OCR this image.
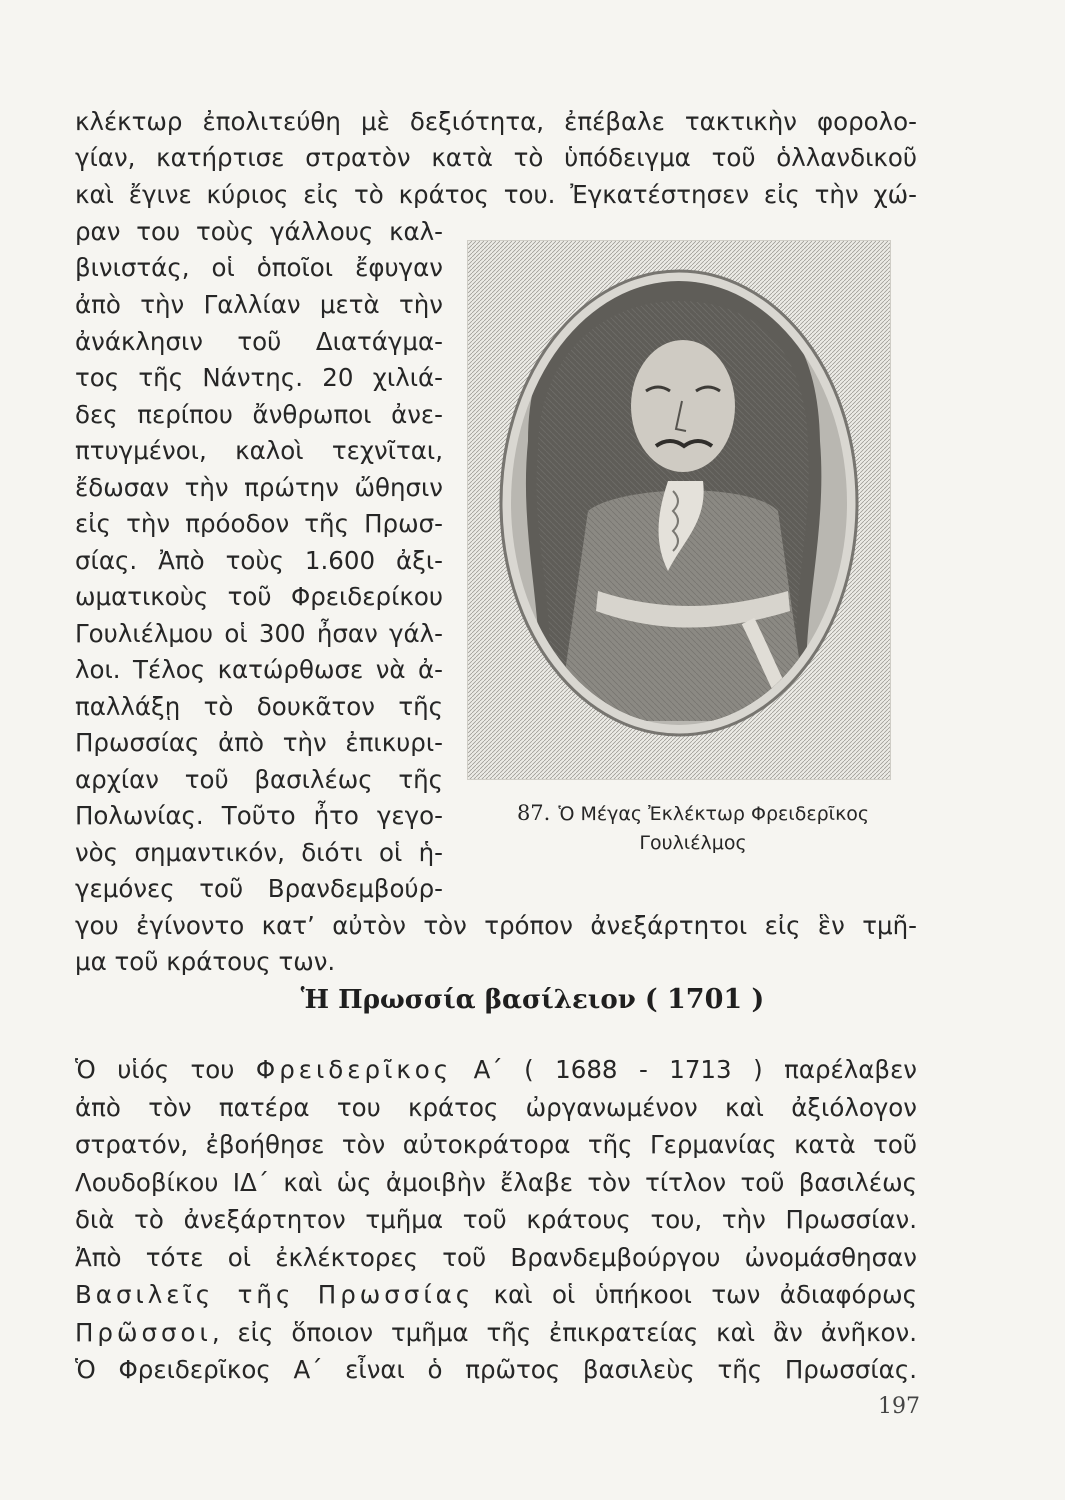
κλέκτωρ ἐπολιτεύθη μὲ δεξιότητα, ἐπέβαλε τακτικὴν φορολο-
γίαν, κατήρτισε στρατὸν κατὰ τὸ ὑπόδειγμα τοῦ ὁλλανδικοῦ
καὶ ἔγινε κύριος εἰς τὸ κράτος του. Ἐγκατέστησεν εἰς τὴν χώ-
ραν του τοὺς γάλλους καλ-
βινιστάς, οἱ ὁποῖοι ἔφυγαν
ἀπὸ τὴν Γαλλίαν μετὰ τὴν
ἀνάκλησιν τοῦ Διατάγμα-
τος τῆς Νάντης. 20 χιλιά-
δες περίπου ἄνθρωποι ἀνε-
πτυγμένοι, καλοὶ τεχνῖται,
ἔδωσαν τὴν πρώτην ὤθησιν
εἰς τὴν πρόοδον τῆς Πρωσ-
σίας. Ἀπὸ τοὺς 1.600 ἀξι-
ωματικοὺς τοῦ Φρειδερίκου
Γουλιέλμου οἱ 300 ἦσαν γάλ-
λοι. Τέλος κατώρθωσε νὰ ἀ-
παλλάξῃ τὸ δουκᾶτον τῆς
Πρωσσίας ἀπὸ τὴν ἐπικυρι-
αρχίαν τοῦ βασιλέως τῆς
Πολωνίας. Τοῦτο ἦτο γεγο-
νὸς σημαντικόν, διότι οἱ ἡ-
γεμόνες τοῦ Βρανδεμβούρ-
γου ἐγίνοντο κατ’ αὐτὸν τὸν τρόπον ἀνεξάρτητοι εἰς ἓν τμῆ-
μα τοῦ κράτους των.
87. Ὁ Μέγας Ἐκλέκτωρ Φρειδερῖκος
Γουλιέλμος
Ἡ Πρωσσία βασίλειον ( 1701 )
Ὁ υἱός του Φρειδερῖκος Α΄ ( 1688 - 1713 ) παρέλαβεν
ἀπὸ τὸν πατέρα του κράτος ὠργανωμένον καὶ ἀξιόλογον
στρατόν, ἐβοήθησε τὸν αὐτοκράτορα τῆς Γερμανίας κατὰ τοῦ
Λουδοβίκου ΙΔ΄ καὶ ὡς ἀμοιβὴν ἔλαβε τὸν τίτλον τοῦ βασιλέως
διὰ τὸ ἀνεξάρτητον τμῆμα τοῦ κράτους του, τὴν Πρωσσίαν.
Ἀπὸ τότε οἱ ἐκλέκτορες τοῦ Βρανδεμβούργου ὠνομάσθησαν
Βασιλεῖς τῆς Πρωσσίας καὶ οἱ ὑπήκοοι των ἀδιαφόρως
Πρῶσσοι, εἰς ὅποιον τμῆμα τῆς ἐπικρατείας καὶ ἂν ἀνῆκον.
Ὁ Φρειδερῖκος Α΄ εἶναι ὁ πρῶτος βασιλεὺς τῆς Πρωσσίας.
197
